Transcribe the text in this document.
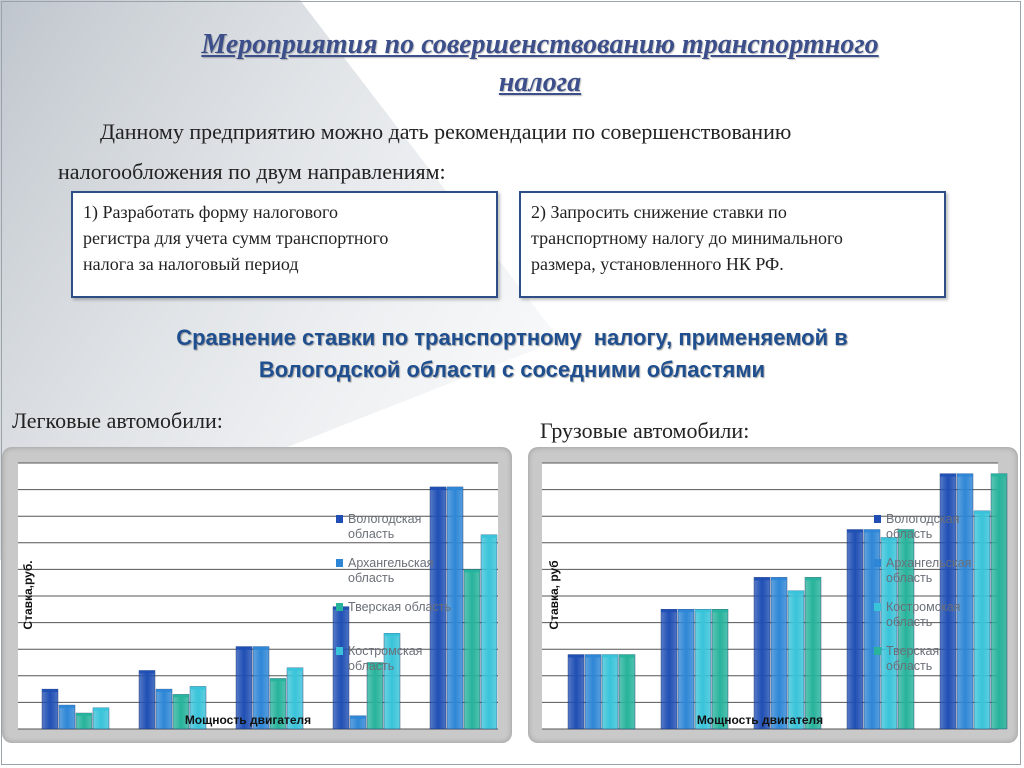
Мероприятия по совершенствованию транспортного
налога
Данному предприятию можно дать рекомендации по совершенствованию
налогообложения по двум направлениям:
1) Разработать форму налогового
регистра для учета сумм транспортного
налога за налоговый период
2) Запросить снижение ставки по
транспортному налогу до минимального
размера, установленного НК РФ.
Сравнение ставки по транспортному  налогу, применяемой в
Вологодской области с соседними областями
Легковые автомобили:	Грузовые автомобили:
Вологодская
область
Архангельская
область
Тверская область
Костромская
область
Мощность двигателя
Ставка,руб.
Вологодская
область
Архангельская
область
Костромская
область
Тверская
область
Мощность двигателя
Ставка, руб
